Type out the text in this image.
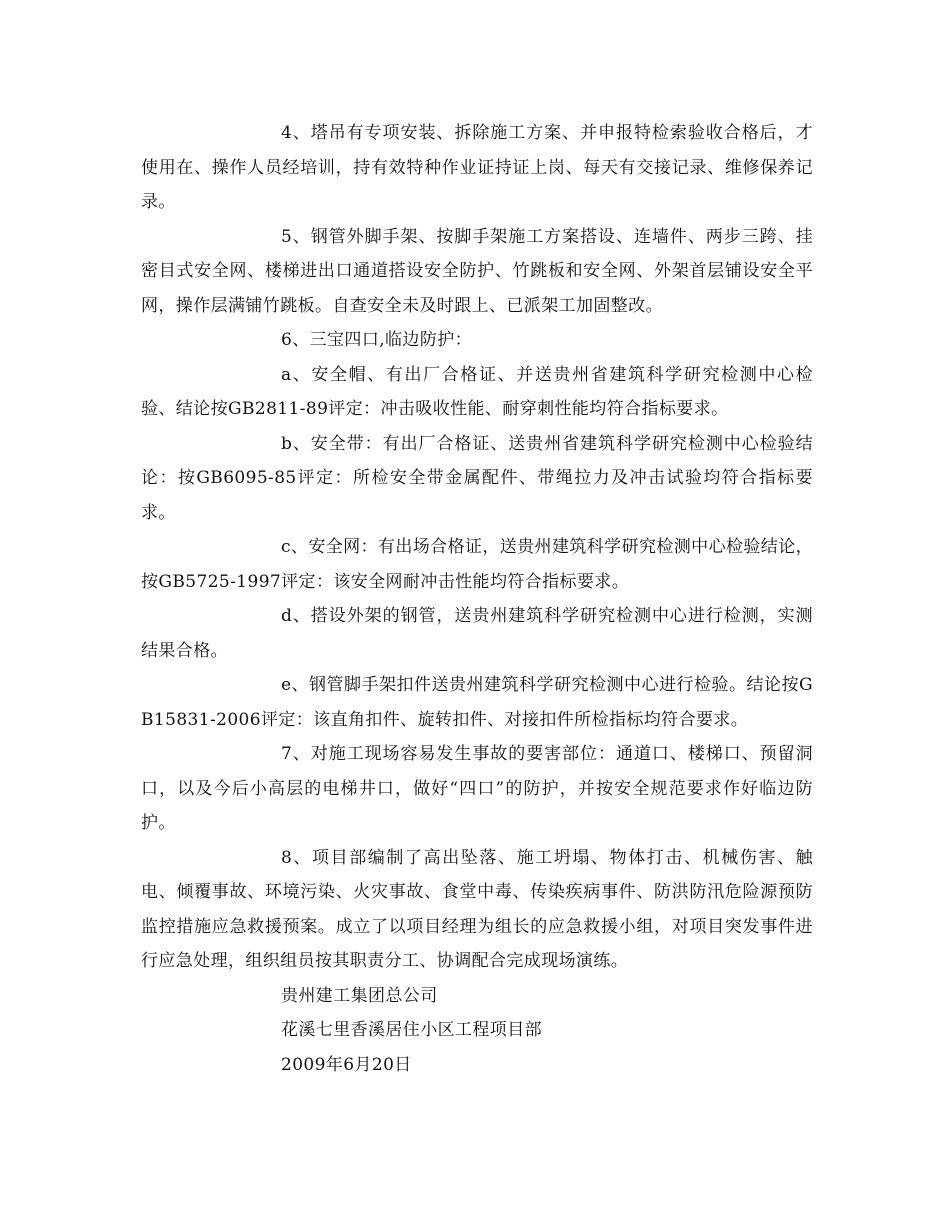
4、塔吊有专项安装、拆除施工方案、并申报特检索验收合格后，才使用在、操作人员经培训，持有效特种作业证持证上岗、每天有交接记录、维修保养记录。

5、钢管外脚手架、按脚手架施工方案搭设、连墙件、两步三跨、挂密目式安全网、楼梯进出口通道搭设安全防护、竹跳板和安全网、外架首层铺设安全平网，操作层满铺竹跳板。自查安全未及时跟上、已派架工加固整改。

6、三宝四口,临边防护：

a、安全帽、有出厂合格证、并送贵州省建筑科学研究检测中心检验、结论按GB2811-89评定：冲击吸收性能、耐穿刺性能均符合指标要求。

b、安全带：有出厂合格证、送贵州省建筑科学研究检测中心检验结论：按GB6095-85评定：所检安全带金属配件、带绳拉力及冲击试验均符合指标要求。

c、安全网：有出场合格证，送贵州建筑科学研究检测中心检验结论，按GB5725-1997评定：该安全网耐冲击性能均符合指标要求。

d、搭设外架的钢管，送贵州建筑科学研究检测中心进行检测，实测结果合格。

e、钢管脚手架扣件送贵州建筑科学研究检测中心进行检验。结论按GB15831-2006评定：该直角扣件、旋转扣件、对接扣件所检指标均符合要求。

7、对施工现场容易发生事故的要害部位：通道口、楼梯口、预留洞口，以及今后小高层的电梯井口，做好“四口”的防护，并按安全规范要求作好临边防护。

8、项目部编制了高出坠落、施工坍塌、物体打击、机械伤害、触电、倾覆事故、环境污染、火灾事故、食堂中毒、传染疾病事件、防洪防汛危险源预防监控措施应急救援预案。成立了以项目经理为组长的应急救援小组，对项目突发事件进行应急处理，组织组员按其职责分工、协调配合完成现场演练。

贵州建工集团总公司

花溪七里香溪居住小区工程项目部

2009年6月20日
